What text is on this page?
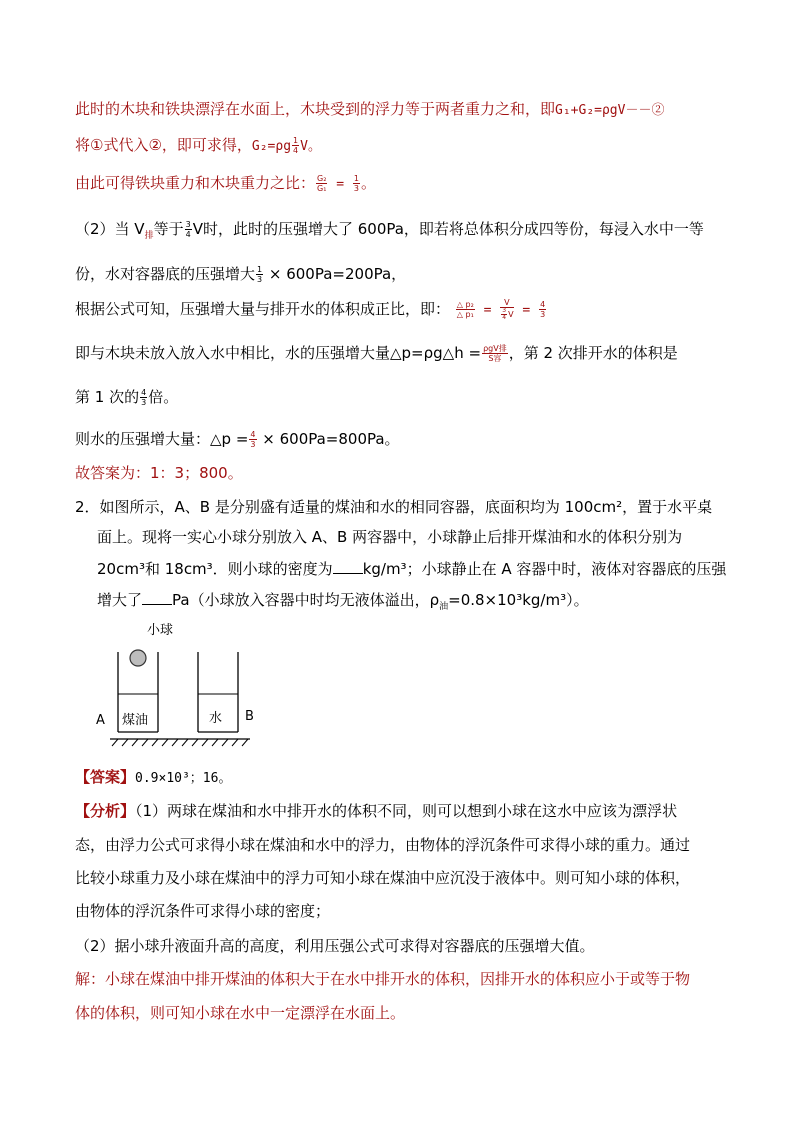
此时的木块和铁块漂浮在水面上，木块受到的浮力等于两者重力之和，即G₁+G₂=ρgV－－②
将①式代入②，即可求得，$G_2=\rho g \frac{1}{4}$ V。
由此可得铁块重力和木块重力之比： $\frac{\text{G₂}}{\text{G₁}} = \frac{1}{3}$ 。
（2）当 $V_排$等于 $\frac{3}{4}$ V时，此时的压强增大了 600Pa，即若将总体积分成四等份，每浸入水中一等
份，水对容器底的压强增大 $\frac{1}{3} \times 600Pa=200Pa$，
根据公式可知，压强增大量与排开水的体积成正比，即： $\frac{\text{△ p₂}}{\text{△ p₁}} = \frac{V}{\frac{3}{4} V} = \frac{4}{3}$
即与木块未放入放入水中相比，水的压强增大量△p=ρg△h = $\frac{\text{ρgV排}}{\text{S容}}$ ，第 2 次排开水的体积是
第 1 次的 $\frac{4}{3}$ 倍。
则水的压强增大量：△p = $\frac{4}{3} \times 600Pa=800Pa$。
故答案为：1：3；800。
2．如图所示，A、B 是分别盛有适量的煤油和水的相同容器，底面积均为 100cm²，置于水平桌
面上。现将一实心小球分别放入 A、B 两容器中，小球静止后排开煤油和水的体积分别为
20cm³和 18cm³．则小球的密度为 kg/m³；小球静止在 A 容器中时，液体对容器底的压强
增大了 Pa（小球放入容器中时均无液体溢出，$\rho_油=0.8\times 10^3kg/m^3$）。
小球
煤油	水
A	B
【答案】0.9×10³；16。
【分析】（1）两球在煤油和水中排开水的体积不同，则可以想到小球在这水中应该为漂浮状
态，由浮力公式可求得小球在煤油和水中的浮力，由物体的浮沉条件可求得小球的重力。通过
比较小球重力及小球在煤油中的浮力可知小球在煤油中应沉没于液体中。则可知小球的体积，
由物体的浮沉条件可求得小球的密度；
（2）据小球升液面升高的高度，利用压强公式可求得对容器底的压强增大值。
解：小球在煤油中排开煤油的体积大于在水中排开水的体积，因排开水的体积应小于或等于物
体的体积，则可知小球在水中一定漂浮在水面上。
